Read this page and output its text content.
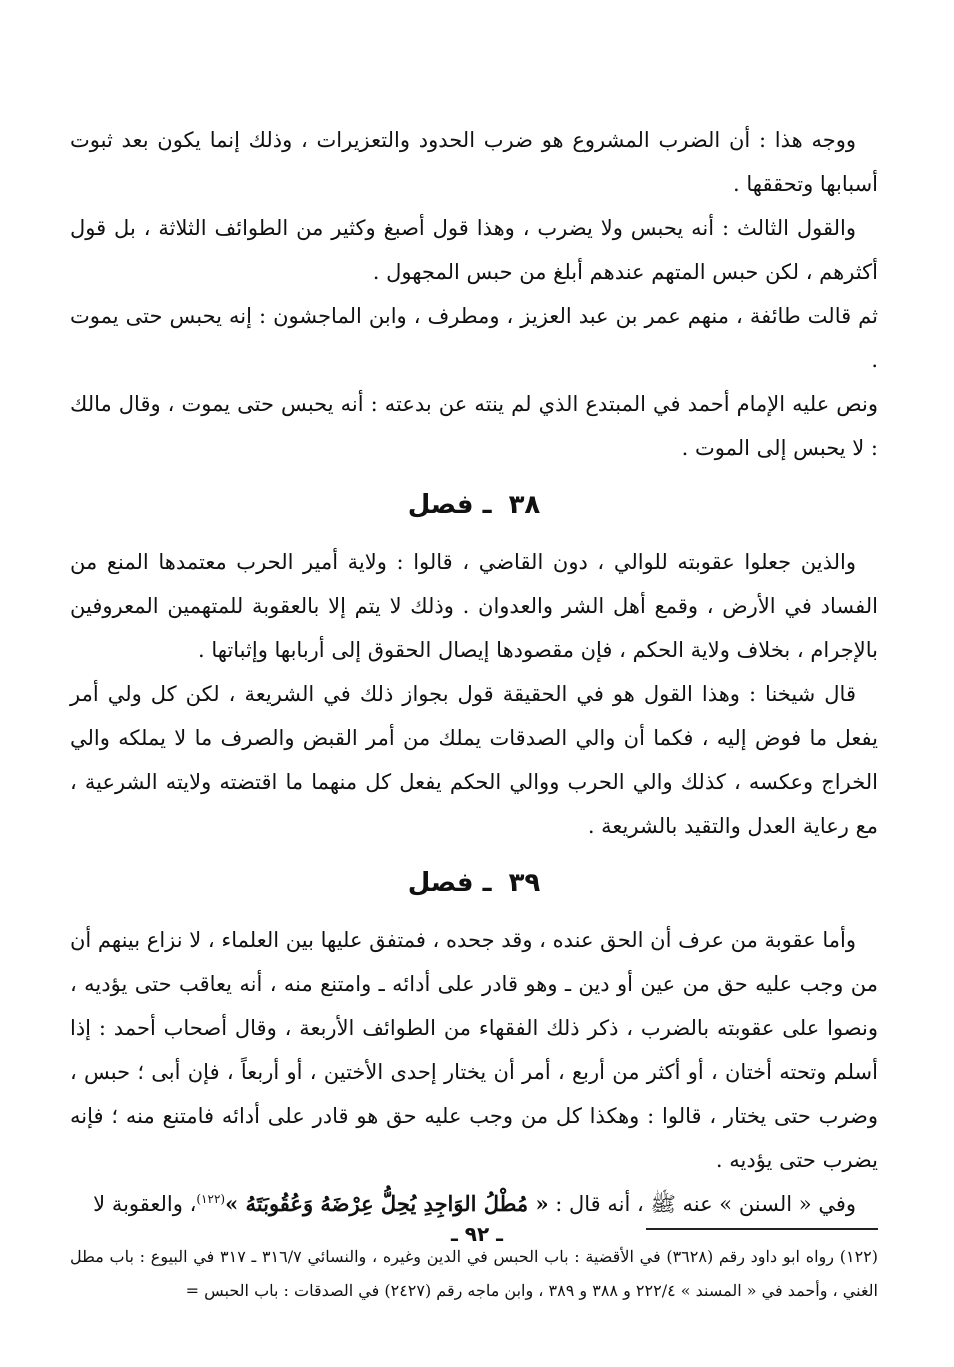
ووجه هذا : أن الضرب المشروع هو ضرب الحدود والتعزيرات ، وذلك إنما يكون بعد ثبوت أسبابها وتحققها .

والقول الثالث : أنه يحبس ولا يضرب ، وهذا قول أصبغ وكثير من الطوائف الثلاثة ، بل قول أكثرهم ، لكن حبس المتهم عندهم أبلغ من حبس المجهول .

ثم قالت طائفة ، منهم عمر بن عبد العزيز ، ومطرف ، وابن الماجشون : إنه يحبس حتى يموت .

ونص عليه الإمام أحمد في المبتدع الذي لم ينته عن بدعته : أنه يحبس حتى يموت ، وقال مالك : لا يحبس إلى الموت .

٣٨ ـ فصل

والذين جعلوا عقوبته للوالي ، دون القاضي ، قالوا : ولاية أمير الحرب معتمدها المنع من الفساد في الأرض ، وقمع أهل الشر والعدوان . وذلك لا يتم إلا بالعقوبة للمتهمين المعروفين بالإجرام ، بخلاف ولاية الحكم ، فإن مقصودها إيصال الحقوق إلى أربابها وإثباتها .

قال شيخنا : وهذا القول هو في الحقيقة قول بجواز ذلك في الشريعة ، لكن كل ولي أمر يفعل ما فوض إليه ، فكما أن والي الصدقات يملك من أمر القبض والصرف ما لا يملكه والي الخراج وعكسه ، كذلك والي الحرب ووالي الحكم يفعل كل منهما ما اقتضته ولايته الشرعية ، مع رعاية العدل والتقيد بالشريعة .

٣٩ ـ فصل

وأما عقوبة من عرف أن الحق عنده ، وقد جحده ، فمتفق عليها بين العلماء ، لا نزاع بينهم أن من وجب عليه حق من عين أو دين ـ وهو قادر على أدائه ـ وامتنع منه ، أنه يعاقب حتى يؤديه ، ونصوا على عقوبته بالضرب ، ذكر ذلك الفقهاء من الطوائف الأربعة ، وقال أصحاب أحمد : إذا أسلم وتحته أختان ، أو أكثر من أربع ، أمر أن يختار إحدى الأختين ، أو أربعاً ، فإن أبى ؛ حبس ، وضرب حتى يختار ، قالوا : وهكذا كل من وجب عليه حق هو قادر على أدائه فامتنع منه ؛ فإنه يضرب حتى يؤديه .

وفي « السنن » عنه ﷺ ، أنه قال : « مُطْلُ الوَاجِدِ يُحِلُّ عِرْضَهُ وَعُقُوبَتَهُ »$^{(١٢٢)}$، والعقوبة لا

(١٢٢) رواه ابو داود رقم (٣٦٢٨) في الأقضية : باب الحبس في الدين وغيره ، والنسائي ٣١٦/٧ ـ ٣١٧ في البيوع : باب مطل الغني ، وأحمد في « المسند » ٢٢٢/٤ و ٣٨٨ و ٣٨٩ ، وابن ماجه رقم (٢٤٢٧) في الصدقات : باب الحبس =

ـ ٩٢ ـ
